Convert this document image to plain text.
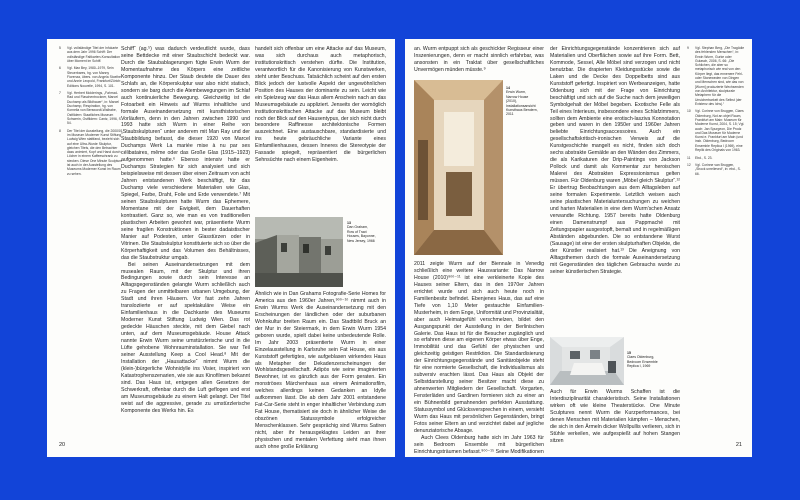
5	Vgl. vollständige Titel der Infokarte aus dem Jahr 1996 Schiff: Der vollständige Faltkarten-Konsultation über Moment im Schiff.
6	Vgl. Max Bey, 1980–1979, Sein Steuerbares, hg. von Manny Fiorenza, übers. von Angela Stoelhe und Annie Leopold, Frankfurt/Zürich: Editions Nouvelle, 1994, S. 101.
7	Vgl. Herbert Molderings, „Fahrrad-Rad und Flaschentrockner, Marcel Duchamp als Bildhauer“, in: Marcel Duchamp, Respiration, hg. von Kornelia von Berswordt-Wallrabe, Ostfildern: Staatliches Museum Schwerin, Ostfildern: Cantz, 1996, S. 54.
8	Der Titel der Ausstellung, die 2000/01 im Museum Moderner Kunst Stiftung Ludwig Wien stattfand, bezieht sich auf eine Ultra-Wurde Skulptur, gleichen Titels, die den Betrachter dazu animiert, Kopf und Hand durch Löcher in einem Kaffeeschrank zu stecken. Diese One Minute Sculpture ist auch in der Ausstellung des Museums Moderner Kunst im Raum zu sehen.

Schiff“ (ag.⁵) was dadurch verdeutlicht wurde, dass seine Bettdecke mit einer Staubschicht bedeckt war. Durch die Staubablagerungen fügte Erwin Wurm der Momentaufnahme des Körpers eine zeitliche Komponente hinzu. Der Staub deutete die Dauer des Schlafs an, die Körperskulptur war also nicht statisch, sondern sie barg durch die Atembewegungen im Schlaf auch kontinuierliche Bewegung. Gleichzeitig ist die Fotoarbeit ein Hinweis auf Wurms inhaltliche und formale Auseinandersetzung mit kunsthistorischen Vorläufern, denn in den Jahren zwischen 1990 und 1993 hatte sich Wurm in einer Reihe von „Staubskulpturen“ unter anderem mit Man Ray und der Staubbildung befasst, die dieser 1920 von Marcel Duchamps Werk La mariée mise à nu par ses célibataires, même oder das Große Glas (1915–1923) aufgenommen hatte.⁶ Ebenso intensiv hatte er Duchamps Strategien für sich analysiert und sich beispielsweise mit dessen über einen Zeitraum von acht Jahren entstandenen Werk beschäftigt, für das Duchamp viele verschiedene Materialien wie Glas, Spiegel, Farbe, Draht, Folie und Erde verwendete.⁷ Mit seinen Staubskulpturen hatte Wurm das Ephemere, Momentane mit der Ewigkeit, dem Dauerhaften kontrastiert. Ganz so, wie man es von traditionellen plastischen Arbeiten gewohnt war, präsentierte Wurm seine fragilen Konstruktionen in bester dadaistischer Manier auf Podesten, unter Glasstürzen oder in Vitrinen. Die Staubskulptur konstituierte sich so über die Körperhaftigkeit und das Volumen des Behältnisses, das die Staubstruktur umgab.

Bei seinen Auseinandersetzungen mit dem musealen Raum, mit der Skulptur und ihren Bedingungen sowie durch sein Interesse an Alltagsgegenständen gelangte Wurm schließlich auch zu Fragen der unmittelbaren urbanen Umgebung, der Stadt und ihren Häusern. Vor fast zehn Jahren transloziierte er auf spektakuläre Weise ein Einfamilienhaus in die Dachkante des Museums Moderner Kunst Stiftung Ludwig Wien. Das rot gedeckte Häuschen steckte, mit dem Giebel nach unten, auf dem Museumsgebäude. House Attack nannte Erwin Wurm seine umstürzlerische und in die Lüfte gehobene Wohnrauminstallation. Sie war Teil seiner Ausstellung Keep a Cool Head.⁸ Mit der Installation der „Hausattacke“ nimmt Wurm die (klein-)bürgerliche Wohnidylle ins Visier, inspiriert von Katastrophenszenarien, wie sie aus Kinofilmen bekannt sind. Das Haus ist, entgegen allen Gesetzen der Schwerkraft, offenbar durch die Luft geflogen und erst am Museumsgebäude zu einem Halt gelangt. Der Titel weist auf die aggressive, gerade zu umstürzlerische Komponente des Werks hin. Es

handelt sich offenbar um eine Attacke auf das Museum, was sich durchaus auch metaphorisch, institutionskritisch verstehen dürfte. Die Institution, verantwortlich für die Kanonisierung von Kunstwerken, steht unter Beschuss. Tatsächlich scheint auf den ersten Blick jedoch der lustvolle Aspekt der ungewöhnlichen Position des Hauses der dominante zu sein. Leicht wie ein Spielzeug war das Haus allem Anschein nach an das Museumsgebäude zu appliziert. Jenseits der womöglich institutionskritischen Attacke auf das Museum bleibt noch der Blick auf den Hausentypus, der sich nicht durch besondere Raffinesse architektonische Formen auszeichnet. Eine austauschbare, standardisierte und ins heute gebräuchliche Variante eines Einfamilienhauses, dessen Inneres die Stereotypie der Fassade spiegelt, repräsentiert die bürgerlichen Sehnsüchte nach einem Eigenheim.

13
Dan Graham,
Row of Tract
Houses, Bayonne,
New Jersey, 1966

Ähnlich wie in Dan Grahams Fotografie-Serie Homes for America aus den 1960er Jahren,⁹⁰⁰⁻¹⁰ nimmt auch in Erwin Wurms Werk die Auseinandersetzung mit den Erscheinungen der ländlichen oder der suburbanen Wohnkultur breiten Raum ein. Das Stadtbild Bruck an der Mur in der Steiermark, in dem Erwin Wurm 1954 geboren wurde, spielt dabei keine unbedeutende Rolle. Im Jahr 2003 präsentierte Wurm in einer Einzelausstellung in Karlsruhe sein Fat House, ein aus Kunststoff gefertigtes, wie aufgeblasen wirkendes Haus als Metapher der Dekadenzerscheinungen der Wohlstandsgesellschaft. Adipös wie seine imaginierten Bewohner, ist es gänzlich aus der Form geraten. Ein monströses Märchenhaus aus einem Animationsfilm, welches allerdings keinen Gedanken an Idylle aufkommen lässt. Die ab dem Jahr 2001 entstandene Fat-Car-Serie steht in enger inhaltlicher Verbindung zum Fat House, thematisiert sie doch in ähnlicher Weise die obszönen Statussymbole erfolgreicher Menschenklassen. Sehr gesprächig sind Wurms Satiren nicht, aber ihr herausgeklagtes Leiden an ihrer physischen und mentalen Verfettung sieht man ihnen auch ohne große Erklärung

20

an. Wurm entpuppt sich als geschickter Regisseur einer Inszenierungen, denn er macht sinnlich erfahrbar, was ansonsten in ein Traktat über gesellschaftliches Unvermögen münden müsste.⁹

14
Erwin Wurm,
Narrow House
(2010),
Installationsansicht Kunsthaus Bendern,
2011

2011 zeigte Wurm auf der Biennale in Venedig schließlich eine weitere Hausvariante: Das Narrow House (2010)⁹⁰⁰⁻¹¹ ist eine verkleinerte Kopie des Hauses seiner Eltern, das in den 1970er Jahren errichtet wurde und sich auch heute noch in Familienbesitz befindet. Ebenjenes Haus, das auf eine Tiefe von 1,10 Meter gestauchte Einfamilien-Musterheim, in dem Enge, Uniformität und Provinzialität, aber auch Heimatgefühl verschmelzen, bildet den Ausgangspunkt der Ausstellung in der Berlinischen Galerie. Das Haus ist für die Besucher zugänglich und so erfahren diese am eigenen Körper etwas über Enge, Immobilität und das Gefühl der physischen und gleichzeitig geistigen Restriktion. Die Standardisierung der Einrichtungsgegenstände und Sanitärobjekte steht für eine normierte Gesellschaft, die Individualismus als subversiv erachten lässt. Das Haus als Objekt der Selbstdarstellung seiner Besitzer macht diese zu ahnenwerten Mitgliedern der Gesellschaft. Vorgarten, Fensterläden und Gardinen formieren sich zu einer an ein Bühnenbild gemahnenden perfekten Ausstattung. Statussymbol und Glücksversprechen in einem, versieht Wurm das Haus mit persönlichen Gegenständen, bringt Fotos seiner Eltern an und verzichtet dabei auf jegliche denunziatorische Absage.

Auch Clees Oldenburg hatte sich im Jahr 1963 für sein Bedroom Ensemble mit bürgerlichen Einrichtungsträumen befasst.⁹⁰⁰⁻¹⁵ Seine Modifikationen

der Einrichtungsgegenstände konzentrieren sich auf Materialien und Oberflächen sowie auf ihre Form. Bett, Kommode, Sessel, Alle Möbel sind verzogen und nicht benutzbar. Die drapierten Kleidungsstücke sowie die Laken und die Decke des Doppelbetts sind aus Kunststoff gefertigt. Inspiriert von Werbeanzeigen, hatte Oldenburg sich mit der Frage von Einrichtung beschäftigt und sich auf die Suche nach dem jeweiligen Symbolgehalt der Möbel begeben. Exotische Felle als Teil eines Interieurs, insbesondere eines Schlafzimmers, sollten dem Ambiente eine erotisch-lasziva Konnotation geben und waren in den 1950er und 1960er Jahren beliebte Einrichtungsaccessoires. Auch ein gesellschaftskritisch-ironischen Verweis auf die Kunstgeschichte mangelt es nicht, finden sich doch sechs abstrakte Gemälde an den Wänden des Zimmers, die als Karikaturen der Drip-Paintings von Jackson Pollock und damit als Kommentar zur heroischen Malerei des Abstrakten Expressionismus gelten müssen. Für Oldenburg waren „Möbel gleich Skulptur“.¹² Er übertrug Beobachtungen aus dem Alltagsleben auf seine formalen Experimente. Letztlich weisen auch seine plastischen Materialuntersuchungen zu weichen und harten Materialien in eine dem Wurm’schen Ansatz verwandte Richtung. 1957 bereits hatte Oldenburg einen Damenstrumpf aus Pappmaché mit Zeitungspapier ausgestopft, bemalt und in regelmäßigen Abständen abgebunden. Die so entstandene Wurst (Sausage) ist eine der ersten skulpturhaften Objekte, die der Künstler realisiert hat.¹³ Die Aneignung von Alltagsthemen durch die formale Auseinandersetzung mit Gegenständen des täglichen Gebrauchs wurde zu seiner künstlerischen Strategie.

15
Claes Oldenburg,
Bedroom Ensemble
Replica I, 1969

Auch für Erwin Wurms Schaffen ist die Interdisziplinarität charakteristisch. Seine Installationen wirken oft wie kleine Theaterstücke. One Minute Sculptures nennt Wurm die Kurzperformances, bei denen Menschen mit Materialien kämpfen – Menschen, die sich in den Ärmeln dicker Wollpullis verlieren, sich in Stühle verkeilen, wie aufgespießt auf hohen Stangen sitzen

9	Vgl. Stephan Berg, „Die Tragödie des fehlenden Menschen“, in: Erwin Wurm, Gurke oder Gulasch, 2006, S. 66: „Die Schlichen, die aber so metaphorisch wie real von den Körper liegt, das ennenere Fehl- oder Stoneweden von Dingen und Menschen sind, wie das von [Wurm] produzierte Wechsenden von Architektur, skulpturale Metaphern für die Unsicherbarkeit des Selbst (der Existenz des Ichs).“
10	Vgl. Corinne von Bruggen, Claes Oldenburg, Not an objet Raum, Frankfurt am Main: Museum für Moderne Kunst, 2004, S. 15; Vgl. auch: Jan Spurgeon, Die Prodz und Das Museum für Moderne Kunst e. Frankfurt am Main (und insb. Oldenburg, Bedroom Ensemble Replica I (1969), eine Replik des Originals von 1963.
11	Ebd., S. 23.
12	Vgl. Corinne van Bruggen, „Shock unrelieved“, in: ebd., S. 66.
21
